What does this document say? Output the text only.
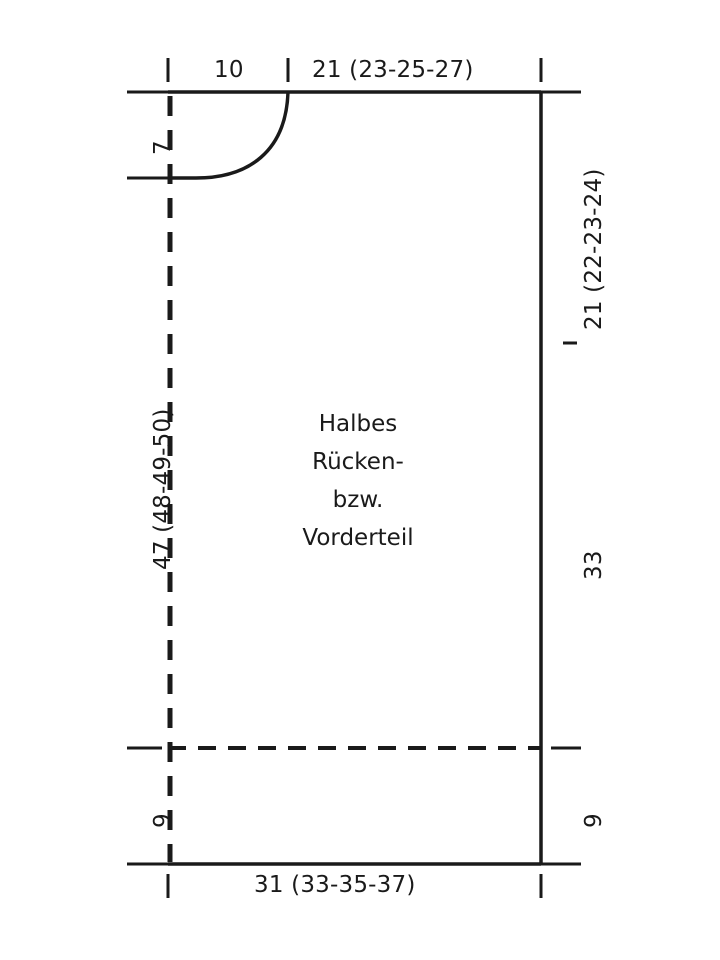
10	21 (23-25-27)
7
47 (48-49-50)
9
21 (22-23-24)
33
9
31 (33-35-37)
Halbes
Rücken-
bzw.
Vorderteil
